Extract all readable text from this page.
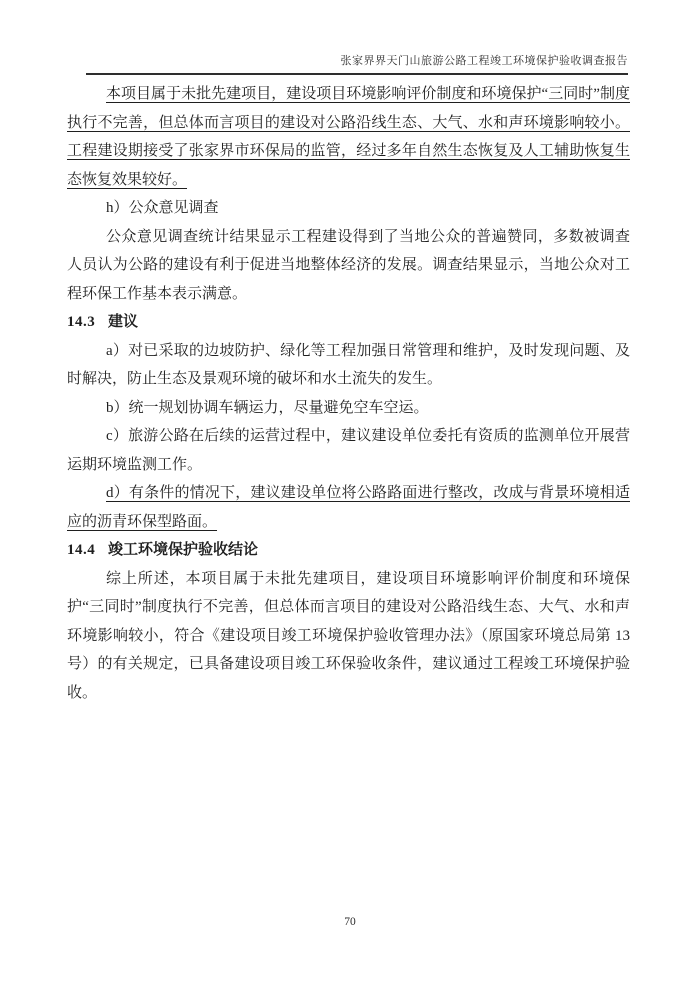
张家界界天门山旅游公路工程竣工环境保护验收调查报告

本项目属于未批先建项目，建设项目环境影响评价制度和环境保护“三同时”制度执行不完善，但总体而言项目的建设对公路沿线生态、大气、水和声环境影响较小。工程建设期接受了张家界市环保局的监管，经过多年自然生态恢复及人工辅助恢复生态恢复效果较好。

h）公众意见调查

公众意见调查统计结果显示工程建设得到了当地公众的普遍赞同，多数被调查人员认为公路的建设有利于促进当地整体经济的发展。调查结果显示，当地公众对工程环保工作基本表示满意。

14.3 建议

a）对已采取的边坡防护、绿化等工程加强日常管理和维护，及时发现问题、及时解决，防止生态及景观环境的破坏和水土流失的发生。

b）统一规划协调车辆运力，尽量避免空车空运。

c）旅游公路在后续的运营过程中，建议建设单位委托有资质的监测单位开展营运期环境监测工作。

d）有条件的情况下，建议建设单位将公路路面进行整改，改成与背景环境相适应的沥青环保型路面。

14.4 竣工环境保护验收结论

综上所述，本项目属于未批先建项目，建设项目环境影响评价制度和环境保护“三同时”制度执行不完善，但总体而言项目的建设对公路沿线生态、大气、水和声环境影响较小，符合《建设项目竣工环境保护验收管理办法》（原国家环境总局第 13 号）的有关规定，已具备建设项目竣工环保验收条件，建议通过工程竣工环境保护验收。

70
